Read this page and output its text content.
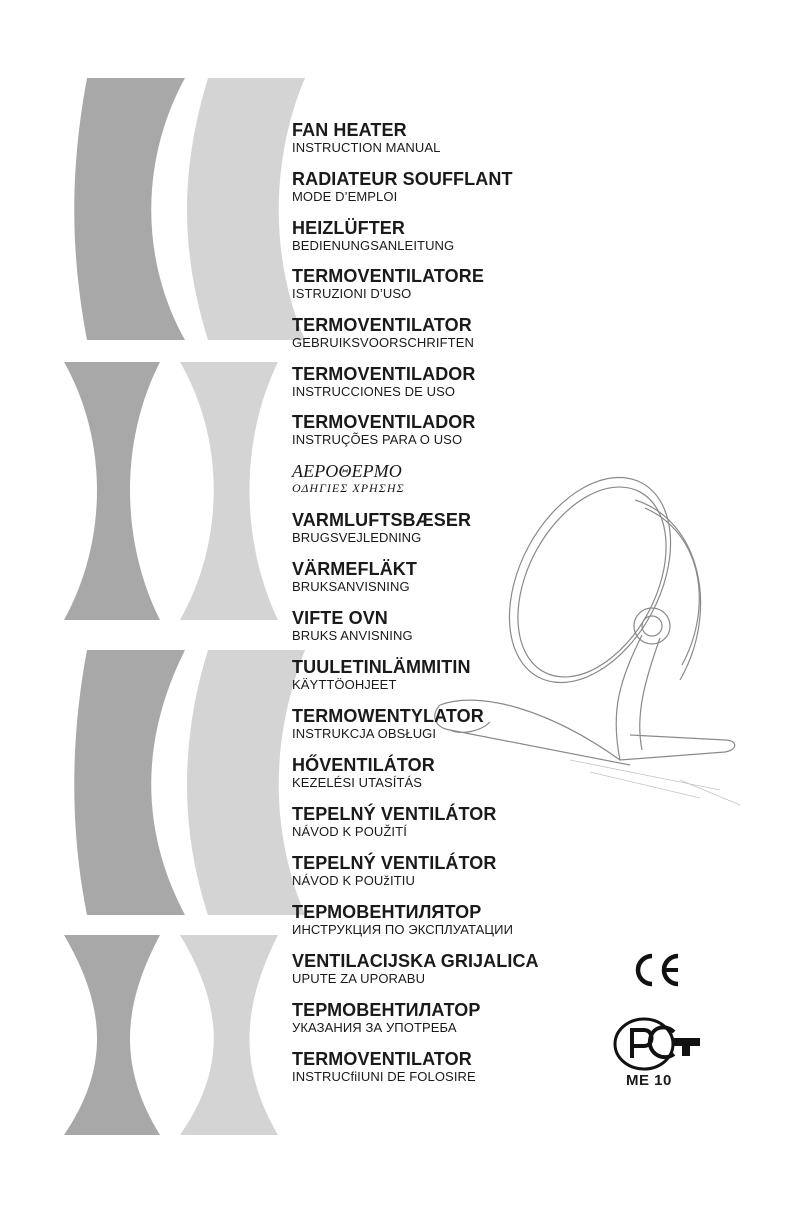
FAN HEATER
INSTRUCTION MANUAL
RADIATEUR SOUFFLANT
MODE D’EMPLOI
HEIZLÜFTER
BEDIENUNGSANLEITUNG
TERMOVENTILATORE
ISTRUZIONI D’USO
TERMOVENTILATOR
GEBRUIKSVOORSCHRIFTEN
TERMOVENTILADOR
INSTRUCCIONES DE USO
TERMOVENTILADOR
INSTRUÇÕES PARA O USO
ΑΕΡΟΘΕΡΜΟ
ΟΔΗΓΙΕΣ ΧΡΗΣΗΣ
VARMLUFTSBÆSER
BRUGSVEJLEDNING
VÄRMEFLÄKT
BRUKSANVISNING
VIFTE OVN
BRUKS ANVISNING
TUULETINLÄMMITIN
KÄYTTÖOHJEET
TERMOWENTYLATOR
INSTRUKCJA OBSŁUGI
HŐVENTILÁTOR
KEZELÉSI UTASÍTÁS
TEPELNÝ VENTILÁTOR
NÁVOD K POUŽITÍ
TEPELNÝ VENTILÁTOR
NÁVOD K POUžITIU
ТЕРМОВЕНТИЛЯТОР
ИНСТРУКЦИЯ ПО ЭКСПЛУАТАЦИИ
VENTILACIJSKA GRIJALICA
UPUTE ZA UPORABU
ТЕРМОВЕНТИЛАТОР
УКАЗАНИЯ ЗА УПОТРЕБА
TERMOVENTILATOR
INSTRUCfiIUNI DE FOLOSIRE	ME 10
